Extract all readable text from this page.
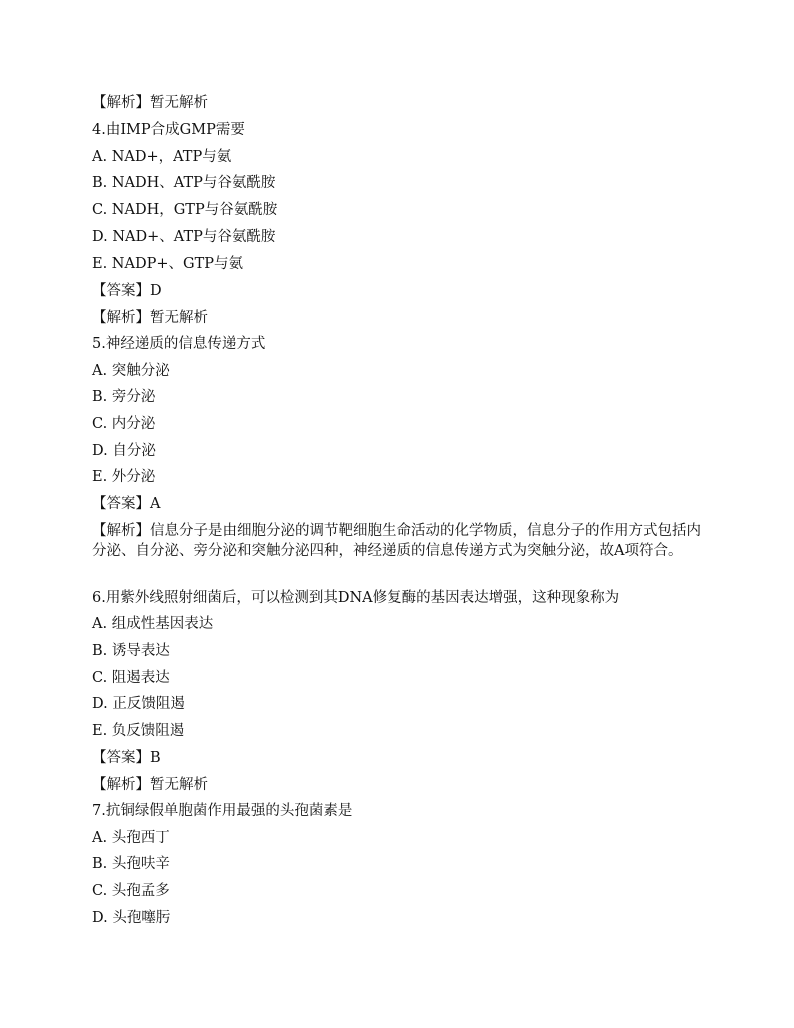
【解析】暂无解析
4.由IMP合成GMP需要
A. NAD+，ATP与氨
B. NADH、ATP与谷氨酰胺
C. NADH，GTP与谷氨酰胺
D. NAD+、ATP与谷氨酰胺
E. NADP+、GTP与氨
【答案】D
【解析】暂无解析
5.神经递质的信息传递方式
A. 突触分泌
B. 旁分泌
C. 内分泌
D. 自分泌
E. 外分泌
【答案】A
【解析】信息分子是由细胞分泌的调节靶细胞生命活动的化学物质，信息分子的作用方式包括内分泌、自分泌、旁分泌和突触分泌四种，神经递质的信息传递方式为突触分泌，故A项符合。
6.用紫外线照射细菌后，可以检测到其DNA修复酶的基因表达增强，这种现象称为
A. 组成性基因表达
B. 诱导表达
C. 阻遏表达
D. 正反馈阻遏
E. 负反馈阻遏
【答案】B
【解析】暂无解析
7.抗铜绿假单胞菌作用最强的头孢菌素是
A. 头孢西丁
B. 头孢呋辛
C. 头孢孟多
D. 头孢噻肟
